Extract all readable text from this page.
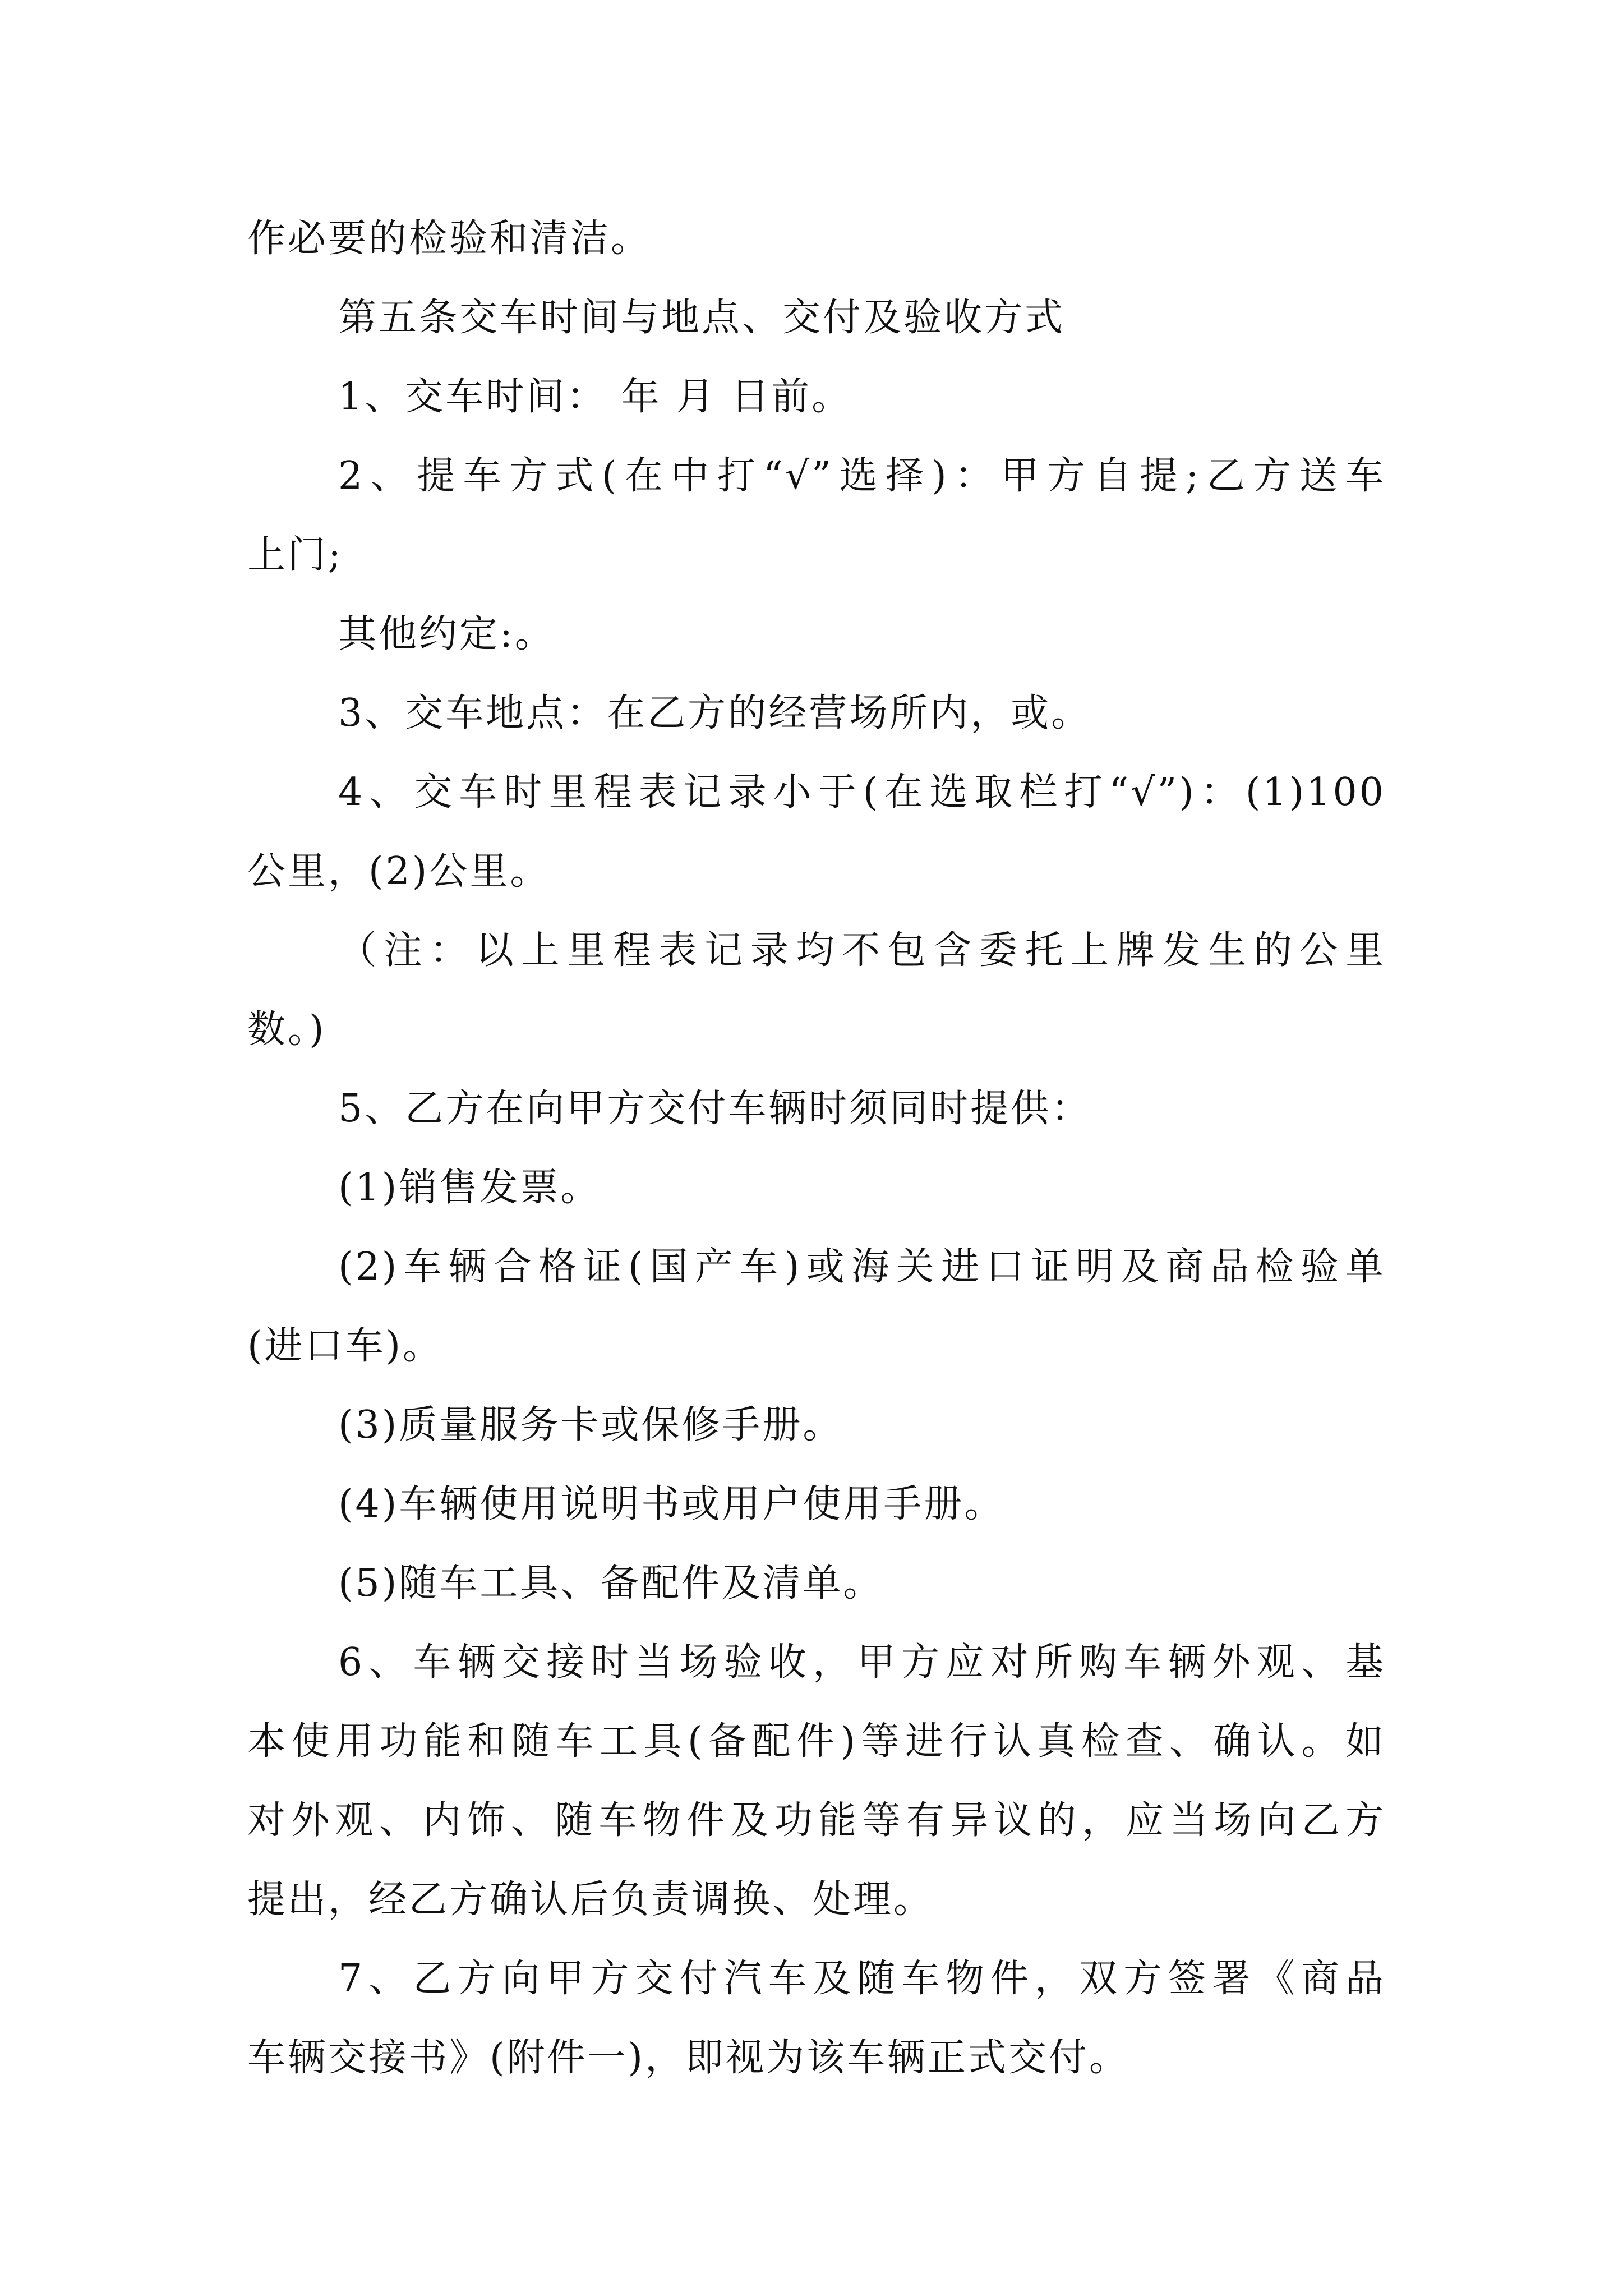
作必要的检验和清洁。
第五条交车时间与地点、交付及验收方式
1、交车时间： 年 月 日前。
2、提车方式(在中打“√”选择)：甲方自提;乙方送车
上门;
其他约定:。
3、交车地点：在乙方的经营场所内，或。
4、交车时里程表记录小于(在选取栏打“√”)：(1)100
公里，(2)公里。
（注：以上里程表记录均不包含委托上牌发生的公里
数。)
5、乙方在向甲方交付车辆时须同时提供：
(1)销售发票。
(2)车辆合格证(国产车)或海关进口证明及商品检验单
(进口车)。
(3)质量服务卡或保修手册。
(4)车辆使用说明书或用户使用手册。
(5)随车工具、备配件及清单。
6、车辆交接时当场验收，甲方应对所购车辆外观、基
本使用功能和随车工具(备配件)等进行认真检查、确认。如
对外观、内饰、随车物件及功能等有异议的，应当场向乙方
提出，经乙方确认后负责调换、处理。
7、乙方向甲方交付汽车及随车物件，双方签署《商品
车辆交接书》(附件一)，即视为该车辆正式交付。
